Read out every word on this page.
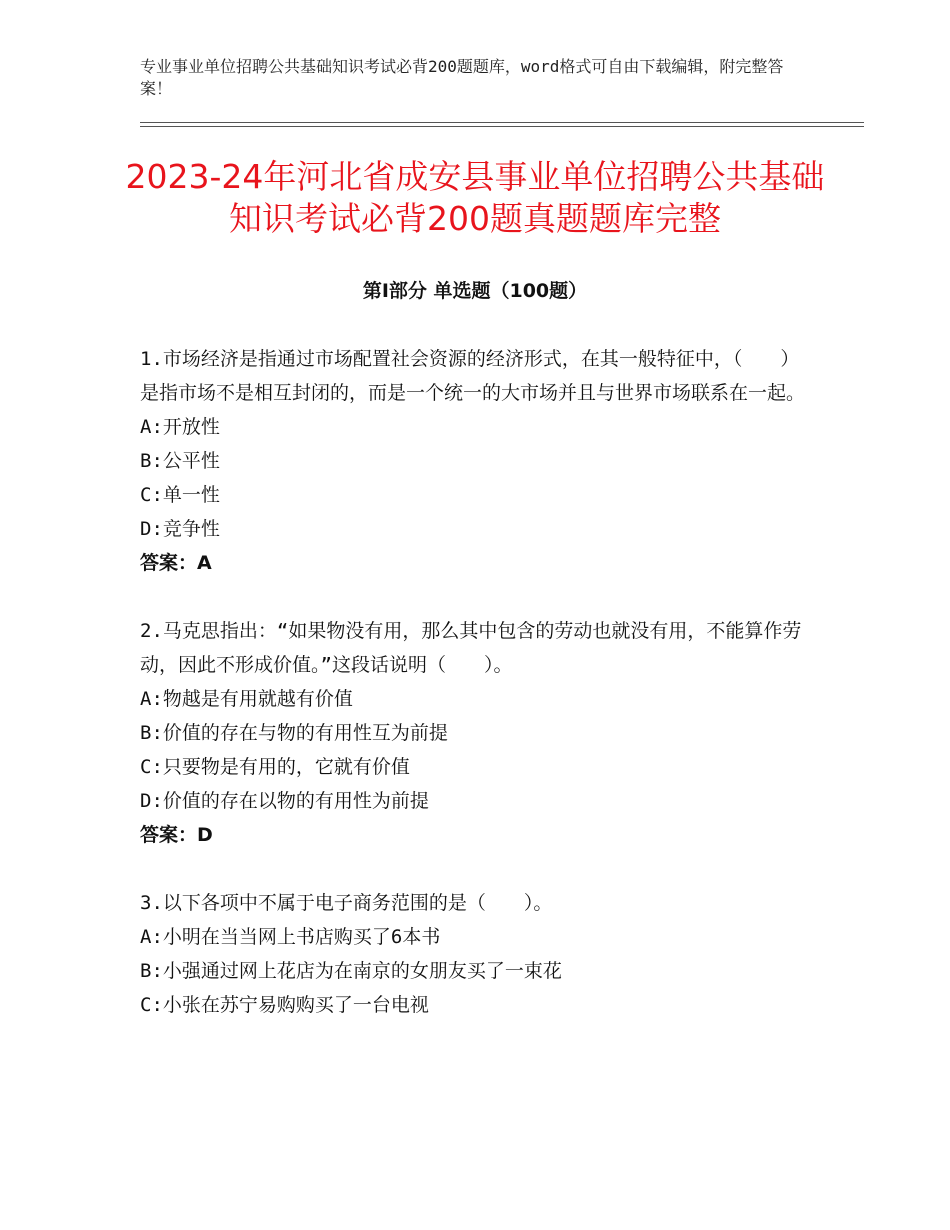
专业事业单位招聘公共基础知识考试必背200题题库，word格式可自由下载编辑，附完整答案！
2023-24年河北省成安县事业单位招聘公共基础知识考试必背200题真题题库完整
第Ⅰ部分 单选题（100题）

1.市场经济是指通过市场配置社会资源的经济形式，在其一般特征中，（　　）是指市场不是相互封闭的，而是一个统一的大市场并且与世界市场联系在一起。

A:开放性

B:公平性

C:单一性

D:竞争性

答案：A

2.马克思指出：“如果物没有用，那么其中包含的劳动也就没有用，不能算作劳动，因此不形成价值。”这段话说明（　　）。

A:物越是有用就越有价值

B:价值的存在与物的有用性互为前提

C:只要物是有用的，它就有价值

D:价值的存在以物的有用性为前提

答案：D

3.以下各项中不属于电子商务范围的是（　　）。

A:小明在当当网上书店购买了6本书

B:小强通过网上花店为在南京的女朋友买了一束花

C:小张在苏宁易购购买了一台电视
